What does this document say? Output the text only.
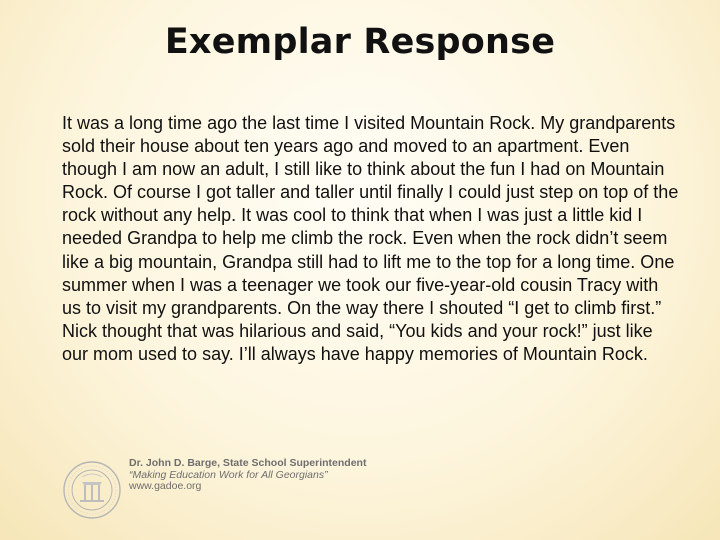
Exemplar Response
It was a long time ago the last time I visited Mountain Rock. My grandparents sold their house about ten years ago and moved to an apartment. Even though I am now an adult, I still like to think about the fun I had on Mountain Rock. Of course I got taller and taller until finally I could just step on top of the rock without any help. It was cool to think that when I was just a little kid I needed Grandpa to help me climb the rock. Even when the rock didn’t seem like a big mountain, Grandpa still had to lift me to the top for a long time. One summer when I was a teenager we took our five-year-old cousin Tracy with us to visit my grandparents. On the way there I shouted “I get to climb first.” Nick thought that was hilarious and said, “You kids and your rock!” just like our mom used to say. I’ll always have happy memories of Mountain Rock.
Dr. John D. Barge, State School Superintendent
“Making Education Work for All Georgians”
www.gadoe.org
